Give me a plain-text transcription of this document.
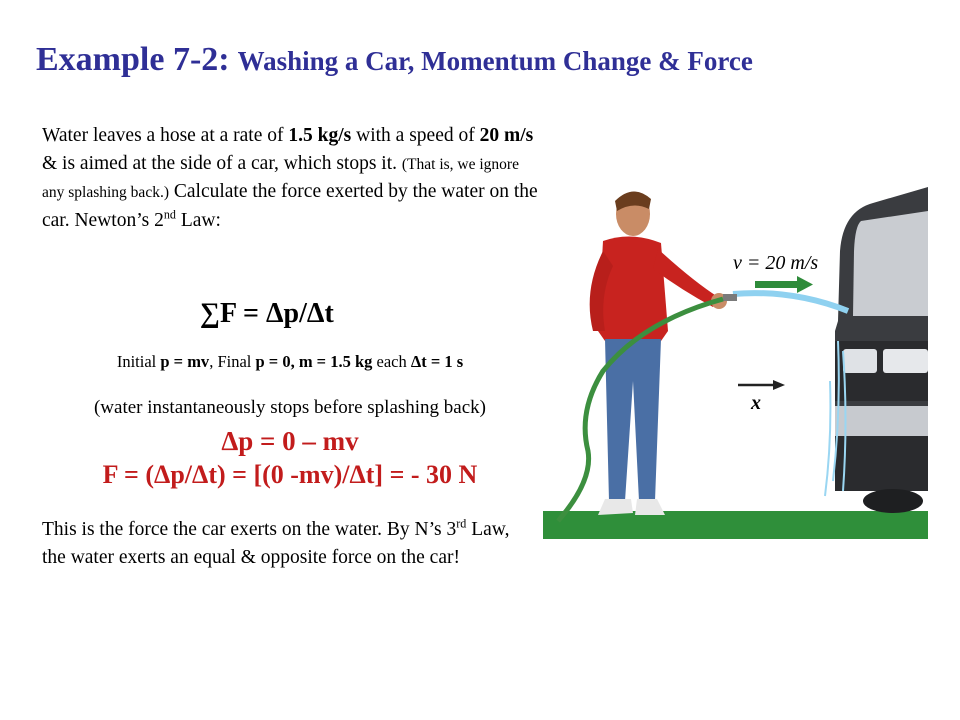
Example 7-2: Washing a Car, Momentum Change & Force

Water leaves a hose at a rate of 1.5 kg/s with a speed of 20 m/s & is aimed at the side of a car, which stops it. (That is, we ignore any splashing back.) Calculate the force exerted by the water on the car. Newton’s 2nd Law:

∑F = Δp/Δt

Initial p = mv, Final p = 0, m = 1.5 kg each Δt = 1 s

(water instantaneously stops before splashing back)

Δp = 0 – mv

F = (Δp/Δt) = [(0 -mv)/Δt] = - 30 N

This is the force the car exerts on the water. By N’s 3rd Law, the water exerts an equal & opposite force on the car!

v = 20 m/s
x
